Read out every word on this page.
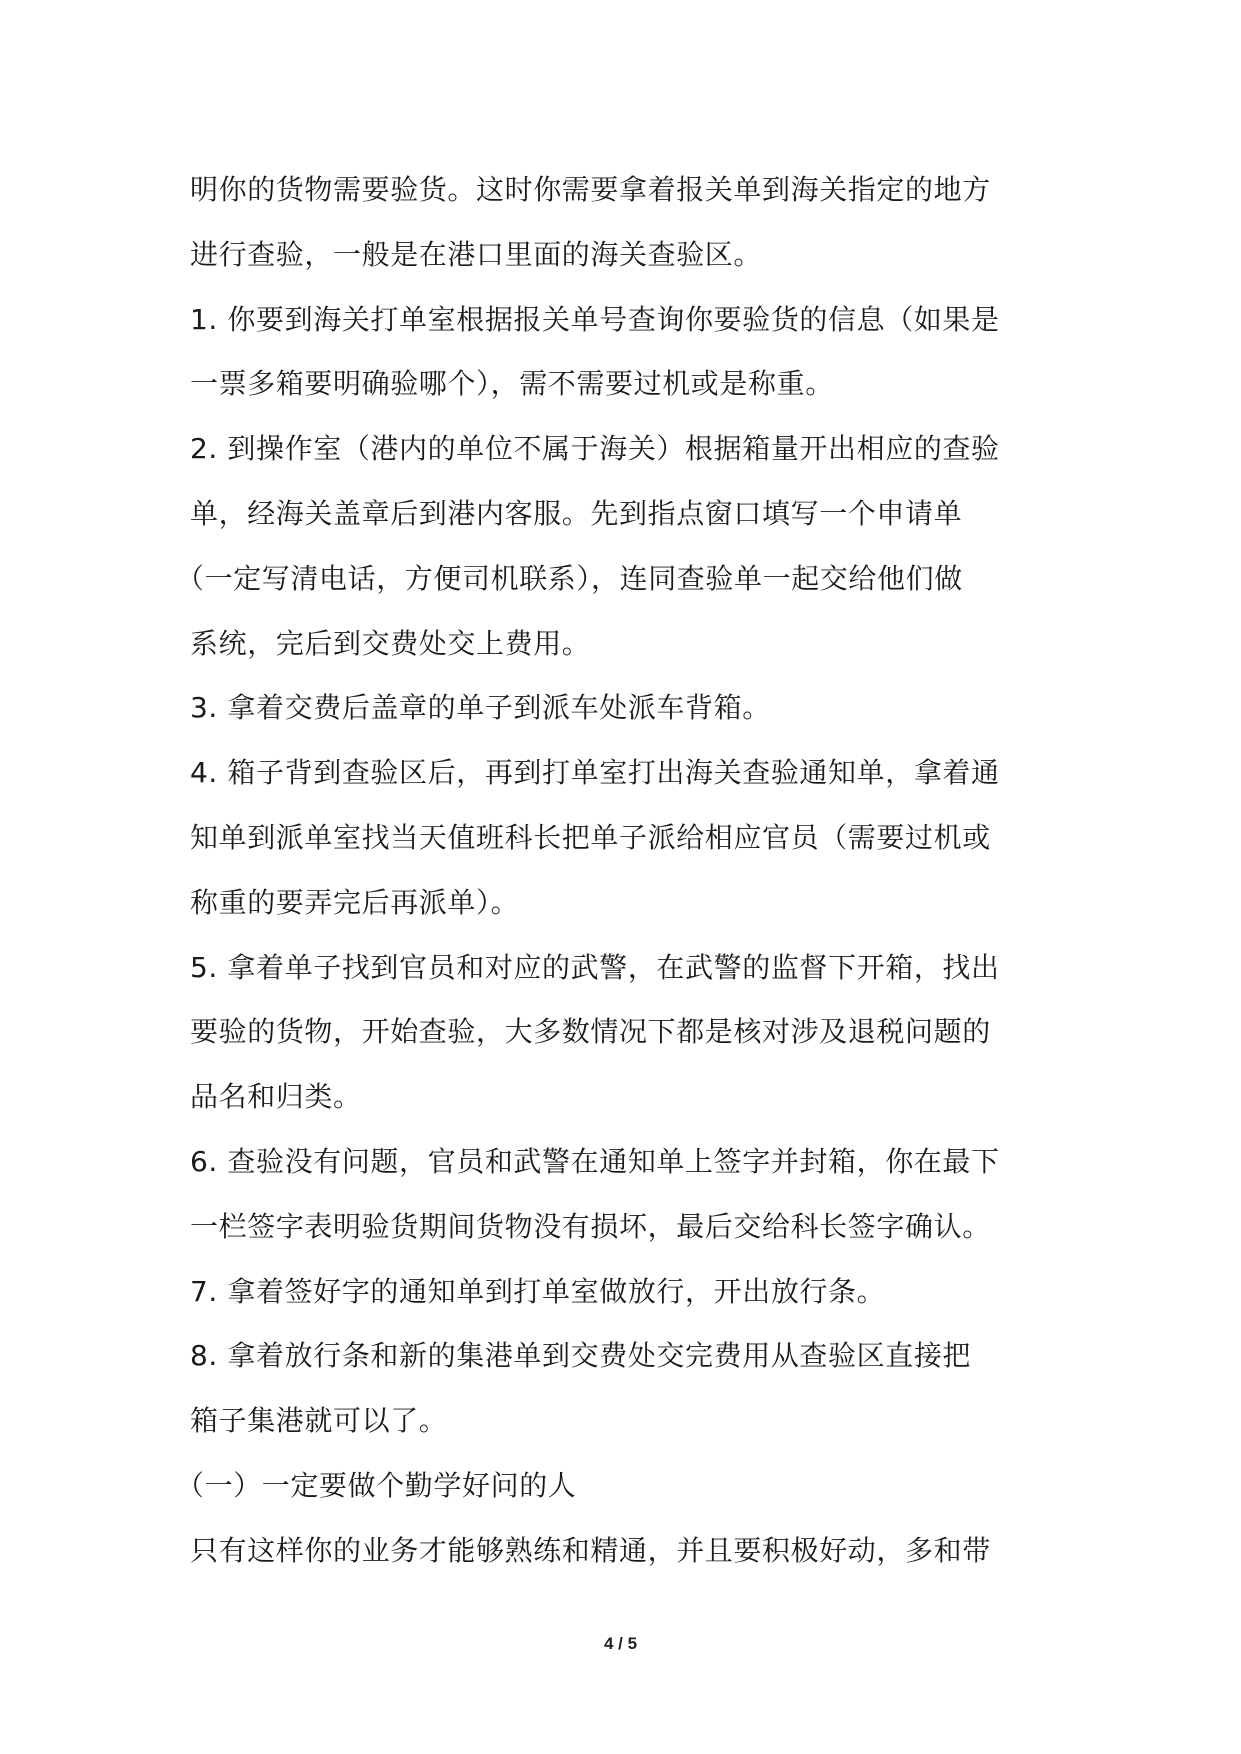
明你的货物需要验货。这时你需要拿着报关单到海关指定的地方
进行查验，一般是在港口里面的海关查验区。
1. 你要到海关打单室根据报关单号查询你要验货的信息（如果是
一票多箱要明确验哪个），需不需要过机或是称重。
2. 到操作室（港内的单位不属于海关）根据箱量开出相应的查验
单，经海关盖章后到港内客服。先到指点窗口填写一个申请单
（一定写清电话，方便司机联系），连同查验单一起交给他们做
系统，完后到交费处交上费用。
3. 拿着交费后盖章的单子到派车处派车背箱。
4. 箱子背到查验区后，再到打单室打出海关查验通知单，拿着通
知单到派单室找当天值班科长把单子派给相应官员（需要过机或
称重的要弄完后再派单）。
5. 拿着单子找到官员和对应的武警，在武警的监督下开箱，找出
要验的货物，开始查验，大多数情况下都是核对涉及退税问题的
品名和归类。
6. 查验没有问题，官员和武警在通知单上签字并封箱，你在最下
一栏签字表明验货期间货物没有损坏，最后交给科长签字确认。
7. 拿着签好字的通知单到打单室做放行，开出放行条。
8. 拿着放行条和新的集港单到交费处交完费用从查验区直接把
箱子集港就可以了。
（一）一定要做个勤学好问的人
只有这样你的业务才能够熟练和精通，并且要积极好动，多和带
4 / 5
